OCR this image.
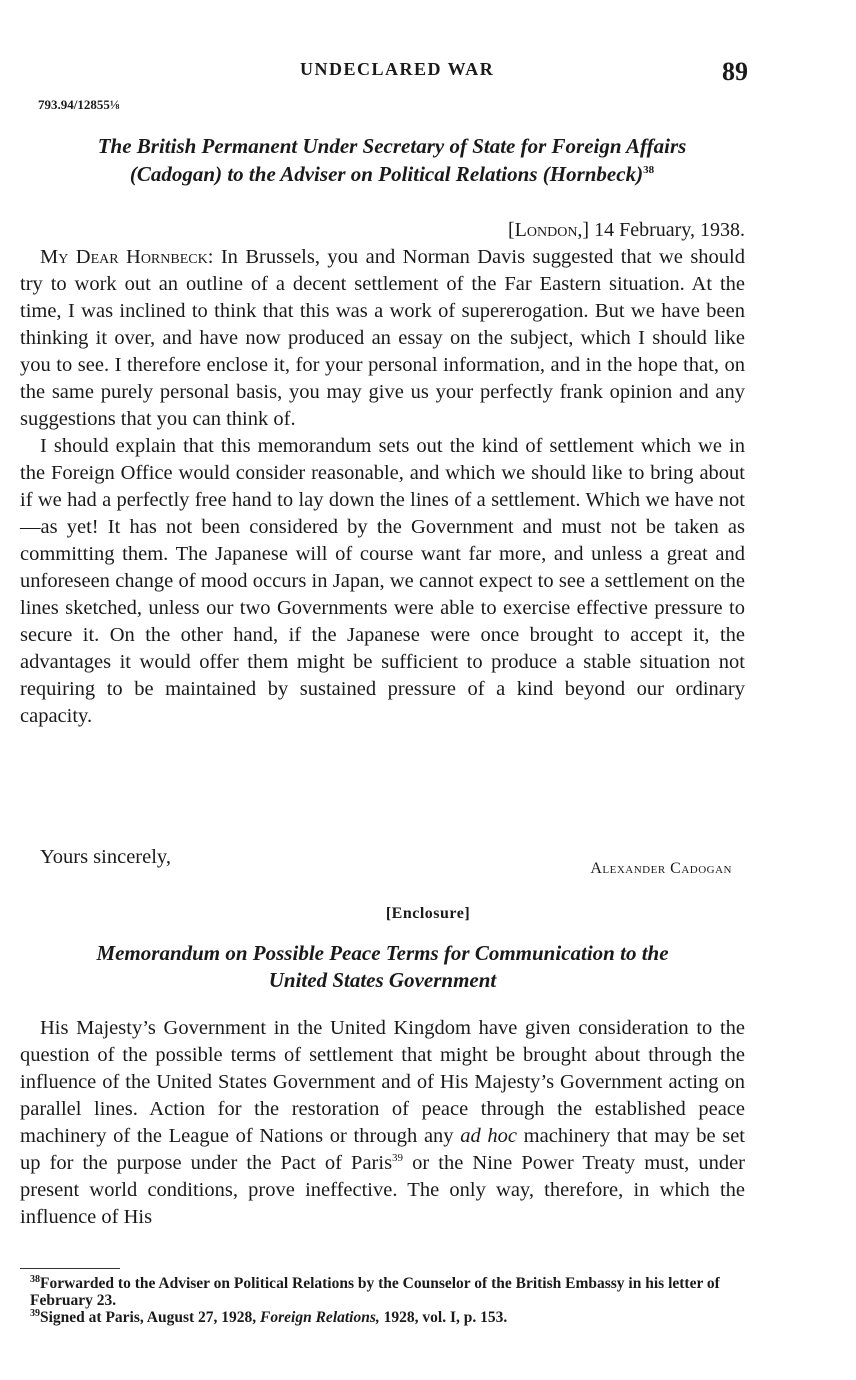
UNDECLARED WAR	89
793.94/12855⅛
The British Permanent Under Secretary of State for Foreign Affairs
(Cadogan) to the Adviser on Political Relations (Hornbeck)$^{38}$
[London,] 14 February, 1938.

My Dear Hornbeck: In Brussels, you and Norman Davis suggested that we should try to work out an outline of a decent settlement of the Far Eastern situation. At the time, I was inclined to think that this was a work of supererogation. But we have been thinking it over, and have now produced an essay on the subject, which I should like you to see. I therefore enclose it, for your personal information, and in the hope that, on the same purely personal basis, you may give us your perfectly frank opinion and any suggestions that you can think of.

I should explain that this memorandum sets out the kind of settlement which we in the Foreign Office would consider reasonable, and which we should like to bring about if we had a perfectly free hand to lay down the lines of a settlement. Which we have not—as yet! It has not been considered by the Government and must not be taken as committing them. The Japanese will of course want far more, and unless a great and unforeseen change of mood occurs in Japan, we cannot expect to see a settlement on the lines sketched, unless our two Governments were able to exercise effective pressure to secure it. On the other hand, if the Japanese were once brought to accept it, the advantages it would offer them might be sufficient to produce a stable situation not requiring to be maintained by sustained pressure of a kind beyond our ordinary capacity.

Yours sincerely,
Alexander Cadogan
[Enclosure]
Memorandum on Possible Peace Terms for Communication to the
United States Government

His Majesty’s Government in the United Kingdom have given consideration to the question of the possible terms of settlement that might be brought about through the influence of the United States Government and of His Majesty’s Government acting on parallel lines. Action for the restoration of peace through the established peace machinery of the League of Nations or through any ad hoc machinery that may be set up for the purpose under the Pact of Paris$^{39}$ or the Nine Power Treaty must, under present world conditions, prove ineffective. The only way, therefore, in which the influence of His

$^{38}$Forwarded to the Adviser on Political Relations by the Counselor of the British Embassy in his letter of February 23.

$^{39}$Signed at Paris, August 27, 1928, Foreign Relations, 1928, vol. I, p. 153.
